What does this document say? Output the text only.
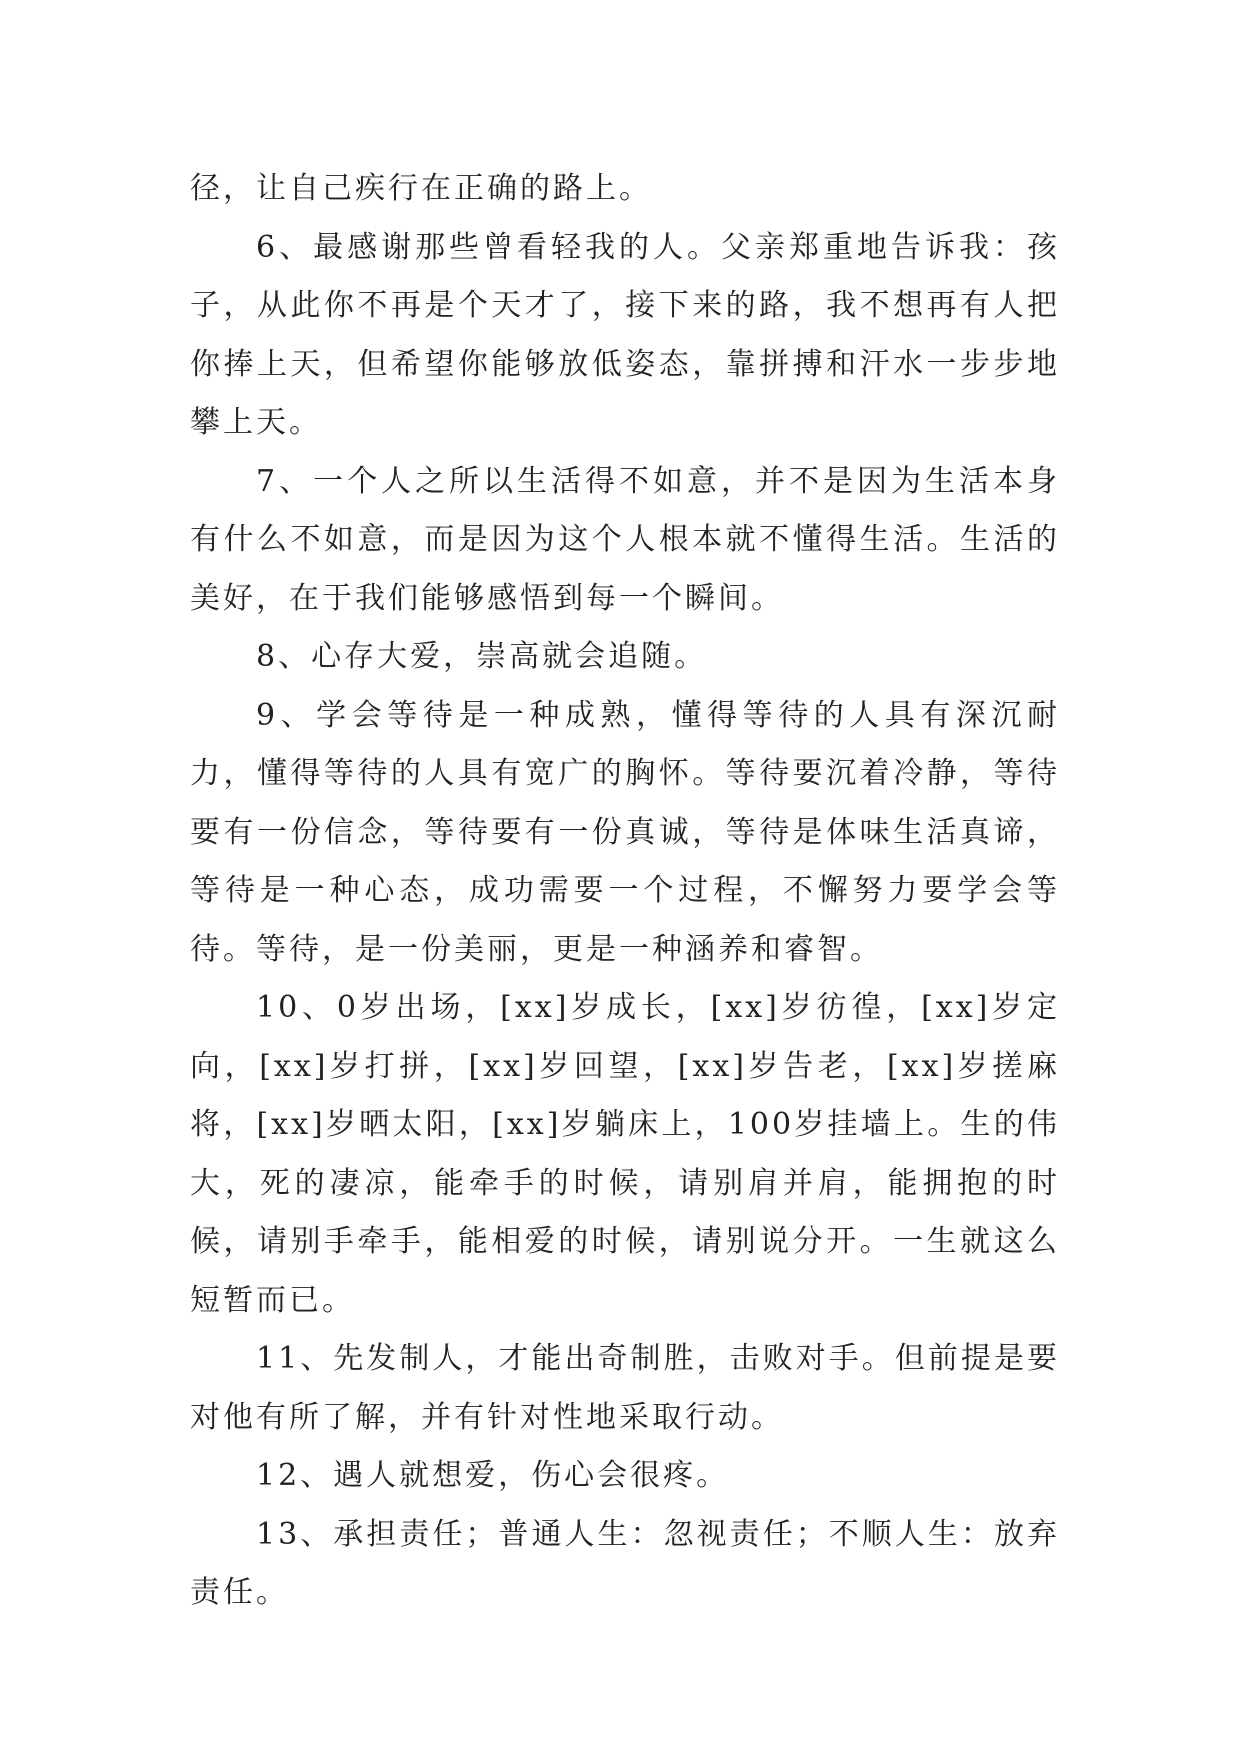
径，让自己疾行在正确的路上。

6、最感谢那些曾看轻我的人。父亲郑重地告诉我：孩子，从此你不再是个天才了，接下来的路，我不想再有人把你捧上天，但希望你能够放低姿态，靠拼搏和汗水一步步地攀上天。

7、一个人之所以生活得不如意，并不是因为生活本身有什么不如意，而是因为这个人根本就不懂得生活。生活的美好，在于我们能够感悟到每一个瞬间。

8、心存大爱，崇高就会追随。

9、学会等待是一种成熟，懂得等待的人具有深沉耐力，懂得等待的人具有宽广的胸怀。等待要沉着冷静，等待要有一份信念，等待要有一份真诚，等待是体味生活真谛，等待是一种心态，成功需要一个过程，不懈努力要学会等待。等待，是一份美丽，更是一种涵养和睿智。

10、0岁出场，[xx]岁成长，[xx]岁彷徨，[xx]岁定向，[xx]岁打拼，[xx]岁回望，[xx]岁告老，[xx]岁搓麻将，[xx]岁晒太阳，[xx]岁躺床上，100岁挂墙上。生的伟大，死的凄凉，能牵手的时候，请别肩并肩，能拥抱的时候，请别手牵手，能相爱的时候，请别说分开。一生就这么短暂而已。

11、先发制人，才能出奇制胜，击败对手。但前提是要对他有所了解，并有针对性地采取行动。

12、遇人就想爱，伤心会很疼。

13、承担责任；普通人生：忽视责任；不顺人生：放弃责任。
